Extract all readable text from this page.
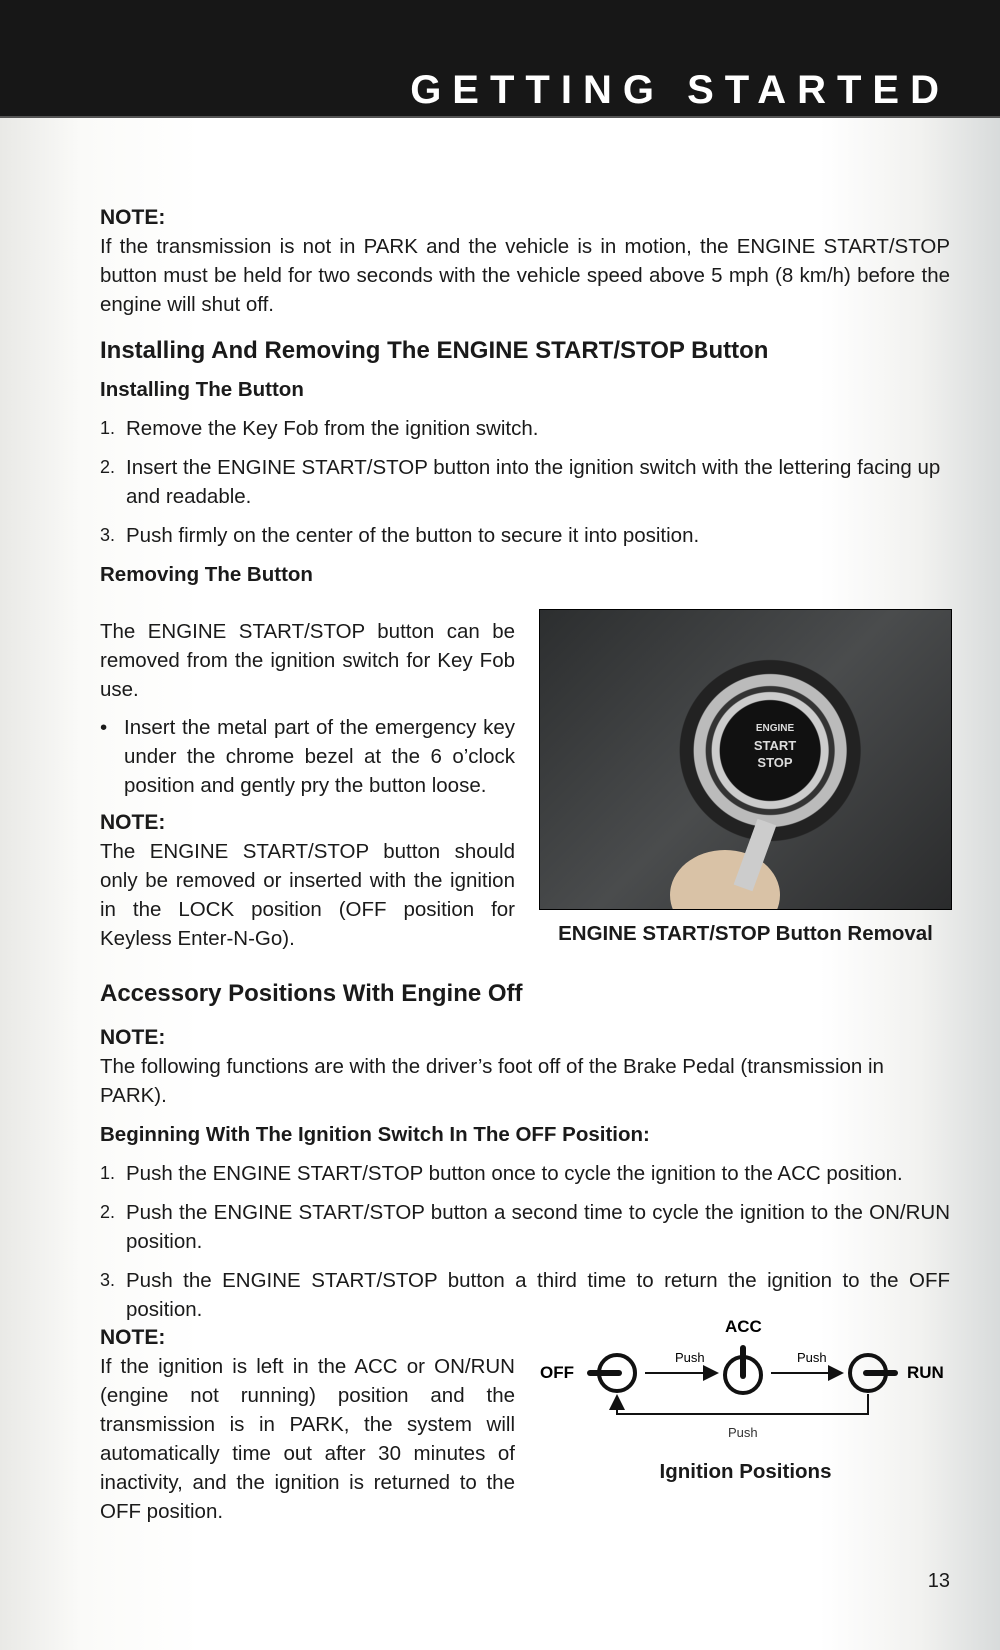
GETTING STARTED
NOTE:
If the transmission is not in PARK and the vehicle is in motion, the ENGINE START/STOP button must be held for two seconds with the vehicle speed above 5 mph (8 km/h) before the engine will shut off.
Installing And Removing The ENGINE START/STOP Button
Installing The Button
1. Remove the Key Fob from the ignition switch.
2. Insert the ENGINE START/STOP button into the ignition switch with the lettering facing up and readable.
3. Push firmly on the center of the button to secure it into position.
Removing The Button
The ENGINE START/STOP button can be removed from the ignition switch for Key Fob use.
• Insert the metal part of the emergency key under the chrome bezel at the 6 o’clock position and gently pry the button loose.
NOTE:
The ENGINE START/STOP button should only be removed or inserted with the ignition in the LOCK position (OFF position for Keyless Enter-N-Go).
ENGINE
START
STOP
ENGINE START/STOP Button Removal
Accessory Positions With Engine Off
NOTE:
The following functions are with the driver’s foot off of the Brake Pedal (transmission in PARK).
Beginning With The Ignition Switch In The OFF Position:
1. Push the ENGINE START/STOP button once to cycle the ignition to the ACC position.
2. Push the ENGINE START/STOP button a second time to cycle the ignition to the ON/RUN position.
3. Push the ENGINE START/STOP button a third time to return the ignition to the OFF position.
NOTE:
If the ignition is left in the ACC or ON/RUN (engine not running) position and the transmission is in PARK, the system will automatically time out after 30 minutes of inactivity, and the ignition is returned to the OFF position.
OFF
Push
ACC
Push
RUN
Push
Ignition Positions
13
